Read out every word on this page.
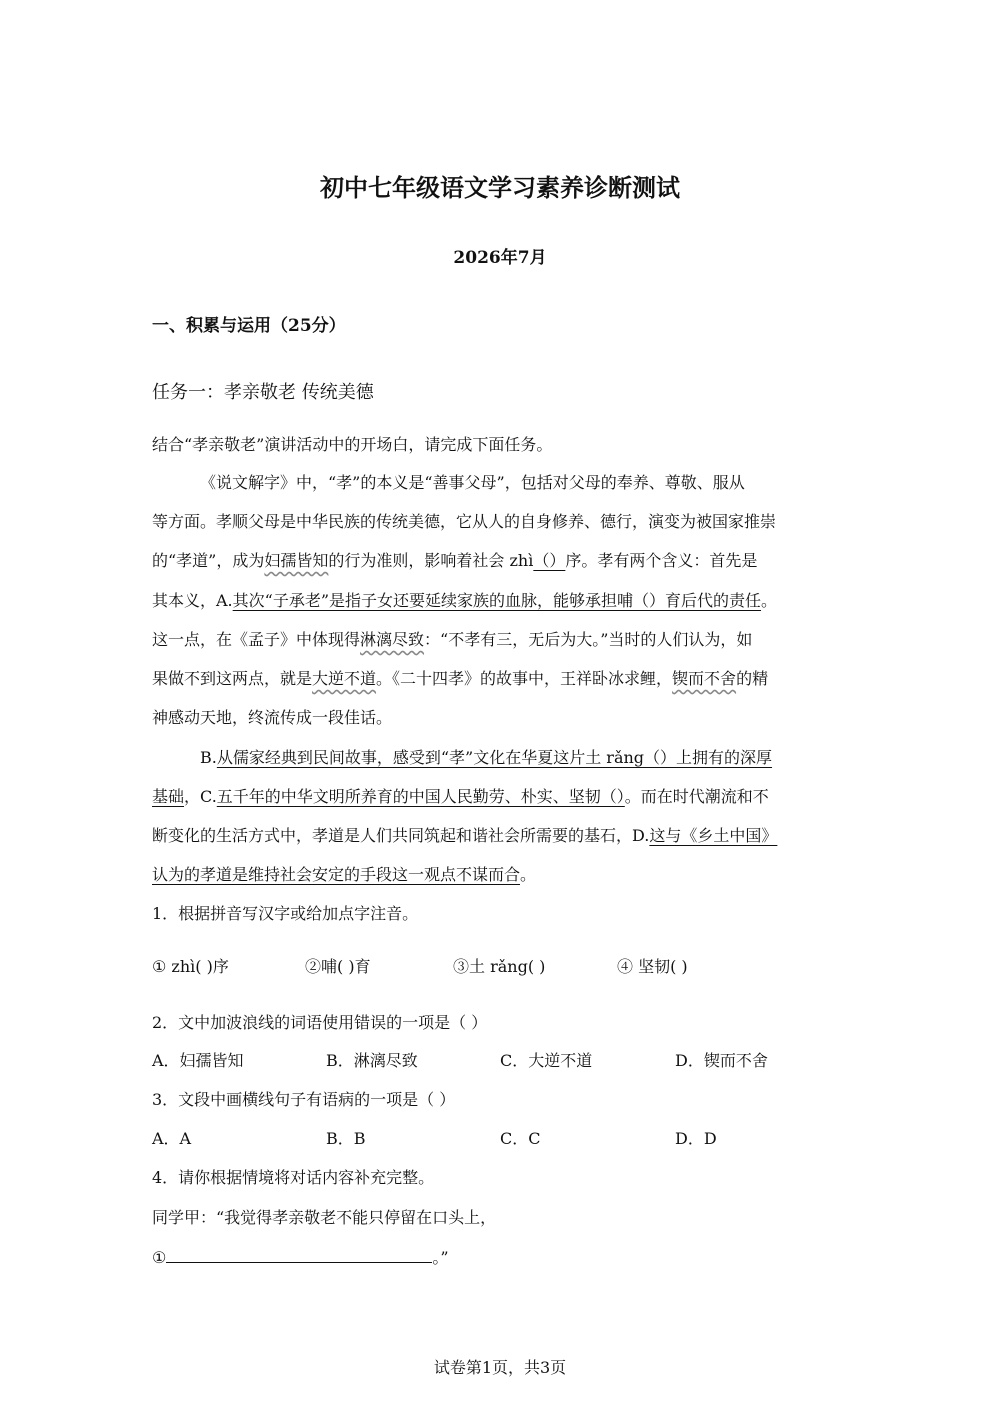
初中七年级语文学习素养诊断测试
2026年7月
一、积累与运用（25分）
任务一：孝亲敬老 传统美德
结合“孝亲敬老”演讲活动中的开场白，请完成下面任务。
《说文解字》中，“孝”的本义是“善事父母”，包括对父母的奉养、尊敬、服从
等方面。孝顺父母是中华民族的传统美德，它从人的自身修养、德行，演变为被国家推崇
的“孝道”，成为妇孺皆知的行为准则，影响着社会 zhì（）序。孝有两个含义：首先是
其本义，A.其次“子承老”是指子女还要延续家族的血脉，能够承担哺（）育后代的责任。
这一点，在《孟子》中体现得淋漓尽致：“不孝有三，无后为大。”当时的人们认为，如
果做不到这两点，就是大逆不道。《二十四孝》的故事中，王祥卧冰求鲤，锲而不舍的精
神感动天地，终流传成一段佳话。
B.从儒家经典到民间故事，感受到“孝”文化在华夏这片土 rǎng（）上拥有的深厚
基础，C.五千年的中华文明所养育的中国人民勤劳、朴实、坚韧（）。而在时代潮流和不
断变化的生活方式中，孝道是人们共同筑起和谐社会所需要的基石，D.这与《乡土中国》
认为的孝道是维持社会安定的手段这一观点不谋而合。
1．根据拼音写汉字或给加点字注音。
① zhì( )序	②哺( )育	③土 rǎng( )	④ 坚韧( )
2．文中加波浪线的词语使用错误的一项是（ ）
A．妇孺皆知	B．淋漓尽致	C．大逆不道	D．锲而不舍
3．文段中画横线句子有语病的一项是（ ）
A．A	B．B	C．C	D．D
4．请你根据情境将对话内容补充完整。
同学甲：“我觉得孝亲敬老不能只停留在口头上，
①	。”
试卷第1页，共3页
